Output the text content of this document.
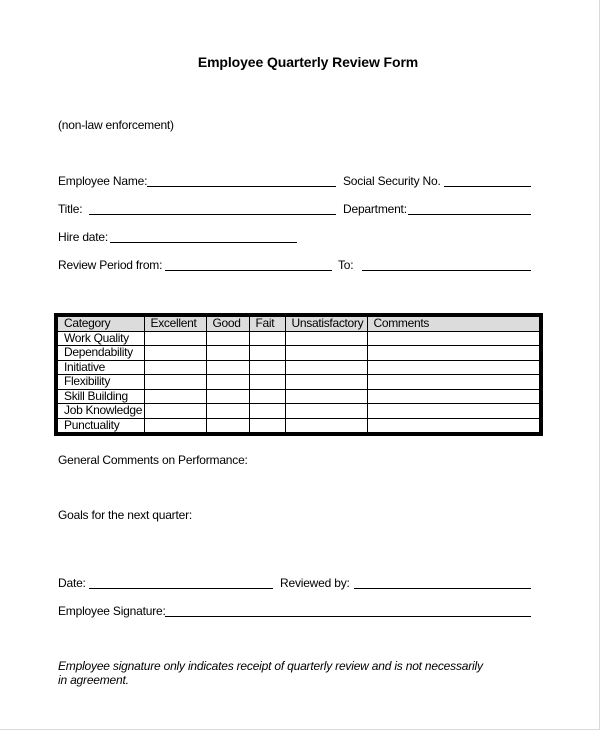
Employee Quarterly Review Form
(non-law enforcement)
Employee Name:	Social Security No.
Title:	Department:
Hire date:
Review Period from:	To:
Category	Excellent	Good	Fait	Unsatisfactory	Comments
Work Quality					
Dependability					
Initiative					
Flexibility					
Skill Building					
Job Knowledge					
Punctuality					
General Comments on Performance:
Goals for the next quarter:
Date:	Reviewed by:
Employee Signature:
Employee signature only indicates receipt of quarterly review and is not necessarily
in agreement.
